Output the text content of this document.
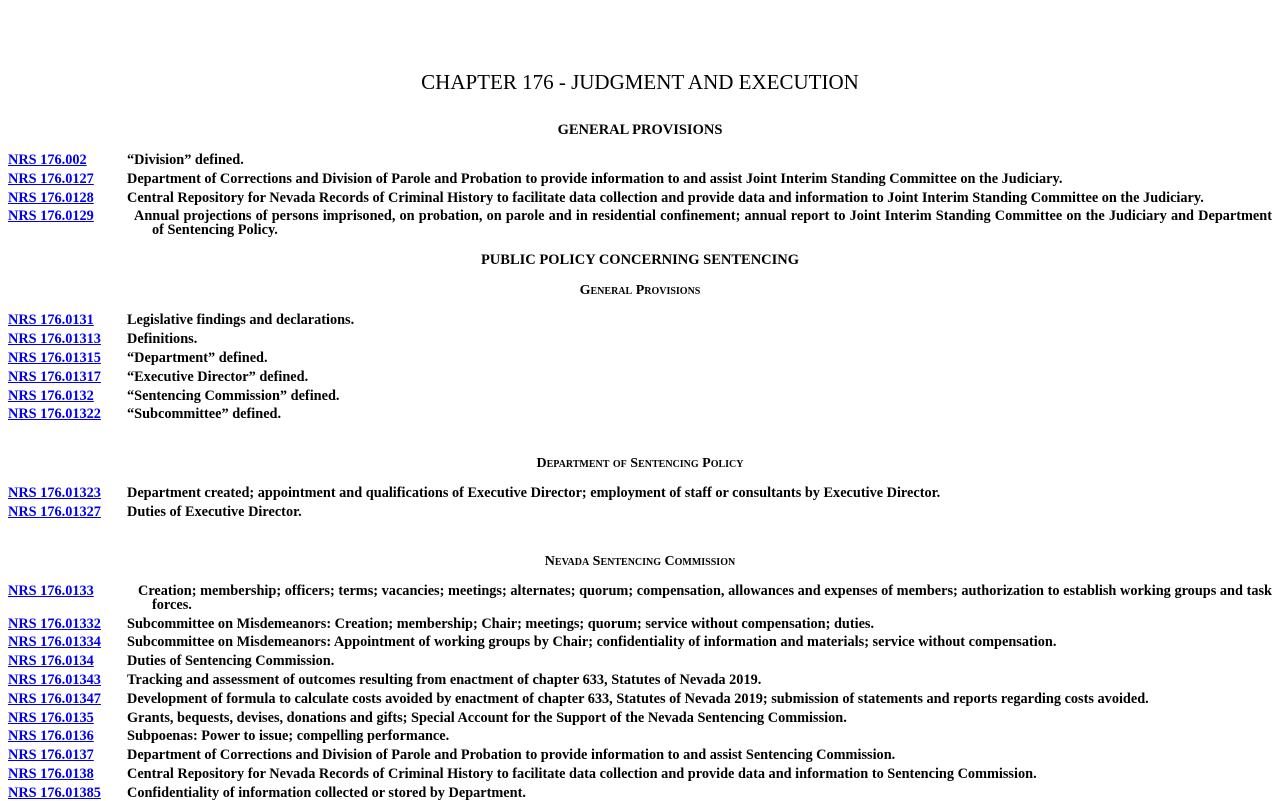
CHAPTER 176 - JUDGMENT AND EXECUTION
GENERAL PROVISIONS
NRS 176.002	“Division” defined.
NRS 176.0127	Department of Corrections and Division of Parole and Probation to provide information to and assist Joint Interim Standing Committee on the Judiciary.
NRS 176.0128	Central Repository for Nevada Records of Criminal History to facilitate data collection and provide data and information to Joint Interim Standing Committee on the Judiciary.
NRS 176.0129	Annual projections of persons imprisoned, on probation, on parole and in residential confinement; annual report to Joint Interim Standing Committee on the Judiciary and Department of Sentencing Policy.
PUBLIC POLICY CONCERNING SENTENCING
General Provisions
NRS 176.0131	Legislative findings and declarations.
NRS 176.01313	Definitions.
NRS 176.01315	“Department” defined.
NRS 176.01317	“Executive Director” defined.
NRS 176.0132	“Sentencing Commission” defined.
NRS 176.01322	“Subcommittee” defined.
Department of Sentencing Policy
NRS 176.01323	Department created; appointment and qualifications of Executive Director; employment of staff or consultants by Executive Director.
NRS 176.01327	Duties of Executive Director.
Nevada Sentencing Commission
NRS 176.0133	Creation; membership; officers; terms; vacancies; meetings; alternates; quorum; compensation, allowances and expenses of members; authorization to establish working groups and task forces.
NRS 176.01332	Subcommittee on Misdemeanors: Creation; membership; Chair; meetings; quorum; service without compensation; duties.
NRS 176.01334	Subcommittee on Misdemeanors: Appointment of working groups by Chair; confidentiality of information and materials; service without compensation.
NRS 176.0134	Duties of Sentencing Commission.
NRS 176.01343	Tracking and assessment of outcomes resulting from enactment of chapter 633, Statutes of Nevada 2019.
NRS 176.01347	Development of formula to calculate costs avoided by enactment of chapter 633, Statutes of Nevada 2019; submission of statements and reports regarding costs avoided.
NRS 176.0135	Grants, bequests, devises, donations and gifts; Special Account for the Support of the Nevada Sentencing Commission.
NRS 176.0136	Subpoenas: Power to issue; compelling performance.
NRS 176.0137	Department of Corrections and Division of Parole and Probation to provide information to and assist Sentencing Commission.
NRS 176.0138	Central Repository for Nevada Records of Criminal History to facilitate data collection and provide data and information to Sentencing Commission.
NRS 176.01385	Confidentiality of information collected or stored by Department.
